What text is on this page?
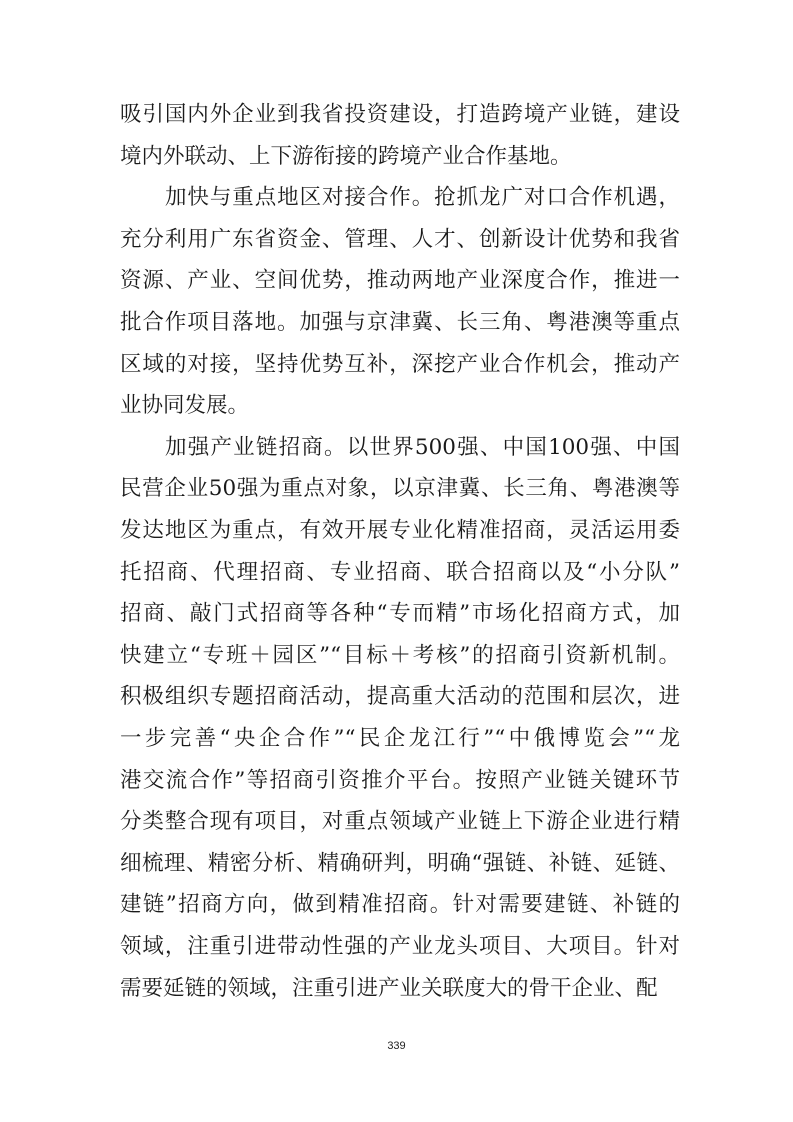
吸引国内外企业到我省投资建设，打造跨境产业链，建设
境内外联动、上下游衔接的跨境产业合作基地。
加快与重点地区对接合作。抢抓龙广对口合作机遇，
充分利用广东省资金、管理、人才、创新设计优势和我省
资源、产业、空间优势，推动两地产业深度合作，推进一
批合作项目落地。加强与京津冀、长三角、粤港澳等重点
区域的对接，坚持优势互补，深挖产业合作机会，推动产
业协同发展。
加强产业链招商。以世界500强、中国100强、中国
民营企业50强为重点对象，以京津冀、长三角、粤港澳等
发达地区为重点，有效开展专业化精准招商，灵活运用委
托招商、代理招商、专业招商、联合招商以及“小分队”
招商、敲门式招商等各种“专而精”市场化招商方式，加
快建立“专班＋园区”“目标＋考核”的招商引资新机制。
积极组织专题招商活动，提高重大活动的范围和层次，进
一步完善“央企合作”“民企龙江行”“中俄博览会”“龙
港交流合作”等招商引资推介平台。按照产业链关键环节
分类整合现有项目，对重点领域产业链上下游企业进行精
细梳理、精密分析、精确研判，明确“强链、补链、延链、
建链”招商方向，做到精准招商。针对需要建链、补链的
领域，注重引进带动性强的产业龙头项目、大项目。针对
需要延链的领域，注重引进产业关联度大的骨干企业、配
339
